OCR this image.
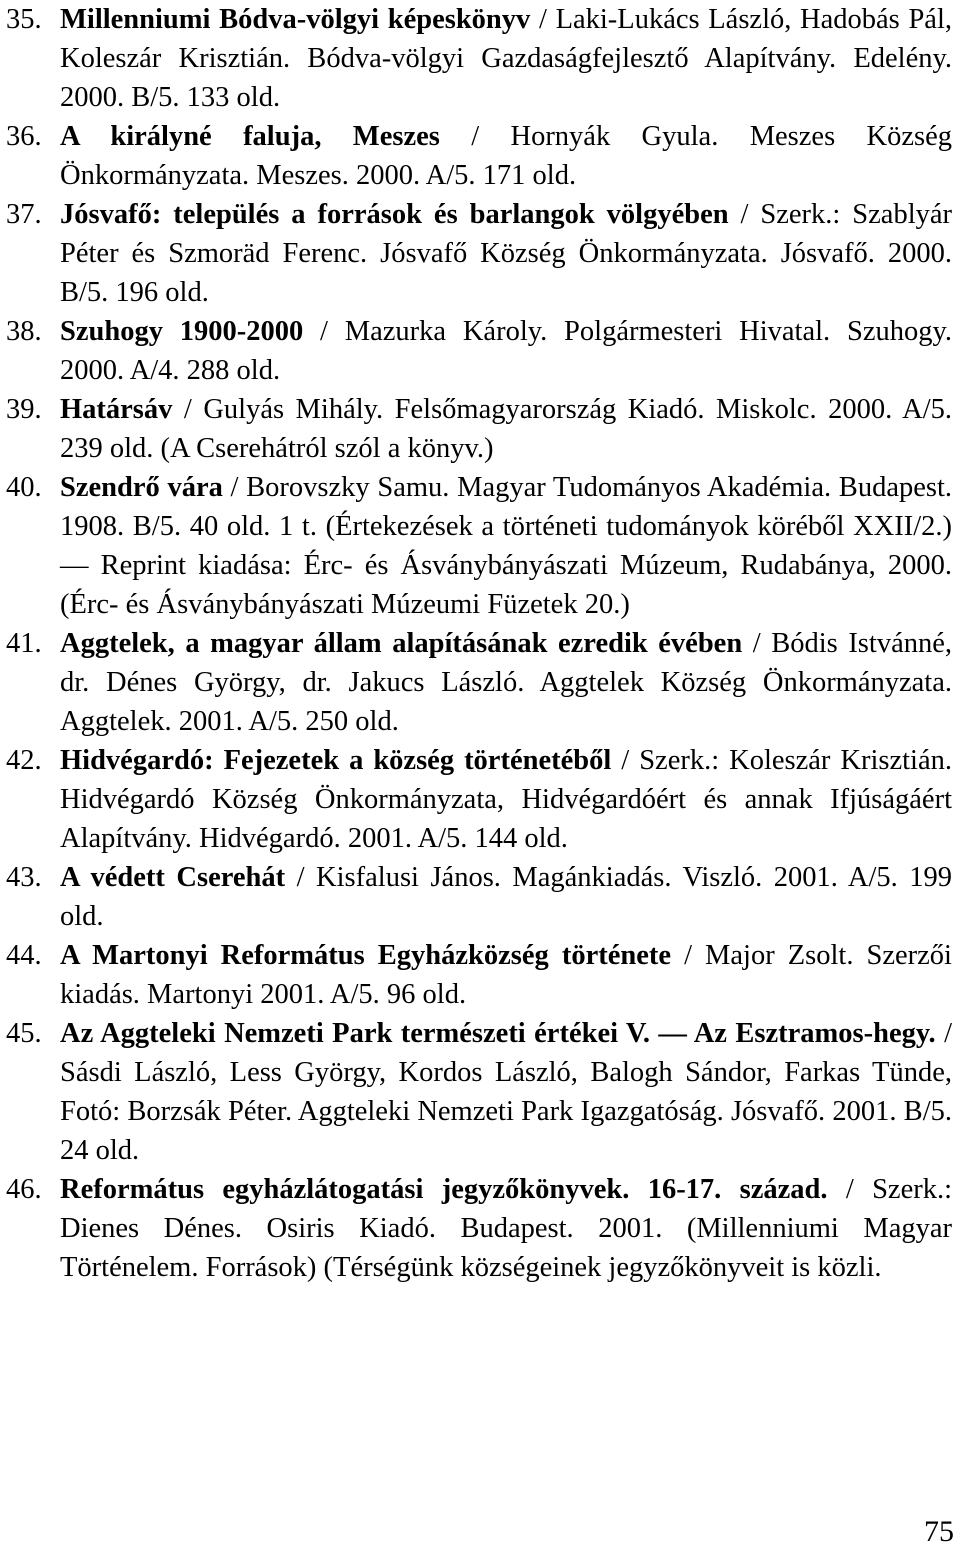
35. Millenniumi Bódva-völgyi képeskönyv / Laki-Lukács László, Hadobás Pál, Koleszár Krisztián. Bódva-völgyi Gazdaságfejlesztő Alapítvány. Edelény. 2000. B/5. 133 old.
36. A királyné faluja, Meszes / Hornyák Gyula. Meszes Község Önkormányzata. Meszes. 2000. A/5. 171 old.
37. Jósvafő: település a források és barlangok völgyében / Szerk.: Szablyár Péter és Szmoräd Ferenc. Jósvafő Község Önkormányzata. Jósvafő. 2000. B/5. 196 old.
38. Szuhogy 1900-2000 / Mazurka Károly. Polgármesteri Hivatal. Szuhogy. 2000. A/4. 288 old.
39. Határsáv / Gulyás Mihály. Felsőmagyarország Kiadó. Miskolc. 2000. A/5. 239 old. (A Cserehátról szól a könyv.)
40. Szendrő vára / Borovszky Samu. Magyar Tudományos Akadémia. Budapest. 1908. B/5. 40 old. 1 t. (Értekezések a történeti tudományok köréből XXII/2.) — Reprint kiadása: Érc- és Ásványbányászati Múzeum, Rudabánya, 2000. (Érc- és Ásványbányászati Múzeumi Füzetek 20.)
41. Aggtelek, a magyar állam alapításának ezredik évében / Bódis Istvánné, dr. Dénes György, dr. Jakucs László. Aggtelek Község Önkormányzata. Aggtelek. 2001. A/5. 250 old.
42. Hidvégardó: Fejezetek a község történetéből / Szerk.: Koleszár Krisztián. Hidvégardó Község Önkormányzata, Hidvégardóért és annak Ifjúságáért Alapítvány. Hidvégardó. 2001. A/5. 144 old.
43. A védett Cserehát / Kisfalusi János. Magánkiadás. Viszló. 2001. A/5. 199 old.
44. A Martonyi Református Egyházközség története / Major Zsolt. Szerzői kiadás. Martonyi 2001. A/5. 96 old.
45. Az Aggteleki Nemzeti Park természeti értékei V. — Az Esztramos-hegy. / Sásdi László, Less György, Kordos László, Balogh Sándor, Farkas Tünde, Fotó: Borzsák Péter. Aggteleki Nemzeti Park Igazgatóság. Jósvafő. 2001. B/5. 24 old.
46. Református egyházlátogatási jegyzőkönyvek. 16-17. század. / Szerk.: Dienes Dénes. Osiris Kiadó. Budapest. 2001. (Millenniumi Magyar Történelem. Források) (Térségünk községeinek jegyzőkönyveit is közli.
75
